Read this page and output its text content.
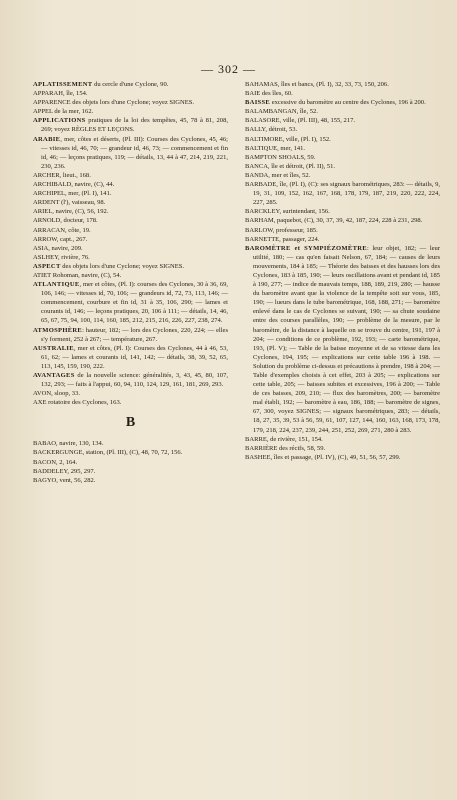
— 302 —

APLATISSEMENT du cercle d'une Cyclone, 90.

APPARAH, île, 154.

APPARENCE des objets lors d'une Cyclone; voyez SIGNES.

APPEL de la mer, 162.

APPLICATIONS pratiques de la loi des tempêtes, 45, 78 à 81, 208, 269; voyez RÈGLES ET LEÇONS.

ARABIE, mer, côtes et déserts, (Pl. III): Courses des Cyclones, 45, 46; — vitesses id, 46, 70; — grandeur id, 46, 73; — commencement et fin id, 46; — leçons pratiques, 119; — détails, 13, 44 à 47, 214, 219, 221, 230, 236.

ARCHER, lieut., 168.

ARCHIBALD, navire, (C), 44.

ARCHIPEL, mer, (Pl. I), 141.

ARDENT (l'), vaisseau, 98.

ARIEL, navire, (C), 56, 192.

ARNOLD, docteur, 178.

ARRACAN, côte, 19.

ARROW, capt., 267.

ASIA, navire, 209.

ASLHEY, rivière, 76.

ASPECT des objets lors d'une Cyclone; voyez SIGNES.

ATIET Rohoman, navire, (C), 54.

ATLANTIQUE, mer et côtes, (Pl. I): courses des Cyclones, 30 à 36, 69, 106, 146; — vitesses id, 70, 106; — grandeurs id, 72, 73, 113, 146; — commencement, courbure et fin id, 31 à 35, 106, 290; — lames et courants id, 146; — leçons pratiques, 20, 106 à 111; — détails, 14, 46, 65, 67, 75, 94, 100, 114, 160, 185, 212, 215, 216, 226, 227, 238, 274.

ATMOSPHÈRE: hauteur, 182; — lors des Cyclones, 220, 224; — elles s'y forment, 252 à 267; — température, 267.

AUSTRALIE, mer et côtes, (Pl. I): Courses des Cyclones, 44 à 46, 53, 61, 62; — lames et courants id, 141, 142; — détails, 38, 39, 52, 65, 113, 145, 159, 190, 222.

AVANTAGES de la nouvelle science: généralités, 3, 43, 45, 80, 107, 132, 293; — faits à l'appui, 60, 94, 110, 124, 129, 161, 181, 269, 293.

AVON, sloop, 33.

AXE rotatoire des Cyclones, 163.

B

BABAO, navire, 130, 134.

BACKERGUNGE, station, (Pl. III), (C), 48, 70, 72, 156.

BACON, 2, 164.

BADDELEY, 295, 297.

BAGYO, vent, 56, 282.

BAHAMAS, îles et bancs, (Pl. I), 32, 33, 73, 150, 206.

BAIE des îles, 60.

BAISSE excessive du baromètre au centre des Cyclones, 196 à 200.

BALAMBANGAN, île, 52.

BALASORE, ville, (Pl. III), 48, 155, 217.

BALLY, détroit, 53.

BALTIMORE, ville, (Pl. I), 152.

BALTIQUE, mer, 141.

BAMPTON SHOALS, 59.

BANCA, île et détroit, (Pl. II), 51.

BANDA, mer et îles, 52.

BARBADE, île, (Pl. I), (C): ses signaux barométriques, 283: — détails, 9, 19, 31, 109, 152, 162, 167, 168, 178, 179, 187, 219, 220, 222, 224, 227, 285.

BARCKLEY, surintendant, 156.

BARHAM, paquebot, (C), 30, 37, 39, 42, 187, 224, 228 à 231, 298.

BARLOW, professeur, 185.

BARNETTE, passager, 224.

BAROMÈTRE et SYMPIÉZOMÈTRE: leur objet, 182; — leur utilité, 180; — cas qu'en faisait Nelson, 67, 184; — causes de leurs mouvements, 184 à 185; — Théorie des baisses et des hausses lors des Cyclones, 183 à 185, 190; — leurs oscillations avant et pendant id, 185 à 190, 277; — indice de mauvais temps, 188, 189, 219, 280; — hausse du baromètre avant que la violence de la tempête soit sur vous, 185, 190; — lueurs dans le tube barométrique, 168, 188, 271; — baromètre enlevé dans le cas de Cyclones se suivant, 190; — sa chute soudaine entre des courses parallèles, 190; — problème de la mesure, par le baromètre, de la distance à laquelle on se trouve du centre, 191, 197 à 204; — conditions de ce problème, 192, 193; — carte barométrique, 193, (Pl. V); — Table de la baisse moyenne et de sa vitesse dans les Cyclones, 194, 195; — explications sur cette table 196 à 198. — Solution du problème ci-dessus et précautions à prendre, 198 à 204; — Table d'exemples choisis à cet effet, 203 à 205; — explications sur cette table, 205; — baisses subites et excessives, 196 à 200; — Table de ces baisses, 209, 210; — flux des baromètres, 200; — baromètre mal établi, 192; — baromètre à eau, 186, 188; — baromètre de signes, 67, 300, voyez SIGNES; — signaux barométriques, 283; — détails, 18, 27, 35, 39, 53 à 56, 59, 61, 107, 127, 144, 160, 163, 168, 173, 178, 179, 218, 224, 237, 239, 244, 251, 252, 269, 271, 280 à 283.

BARRE, de rivière, 151, 154.

BARRIÈRE des récifs, 58, 59.

BASHEE, îles et passage, (Pl. IV), (C), 49, 51, 56, 57, 299.
